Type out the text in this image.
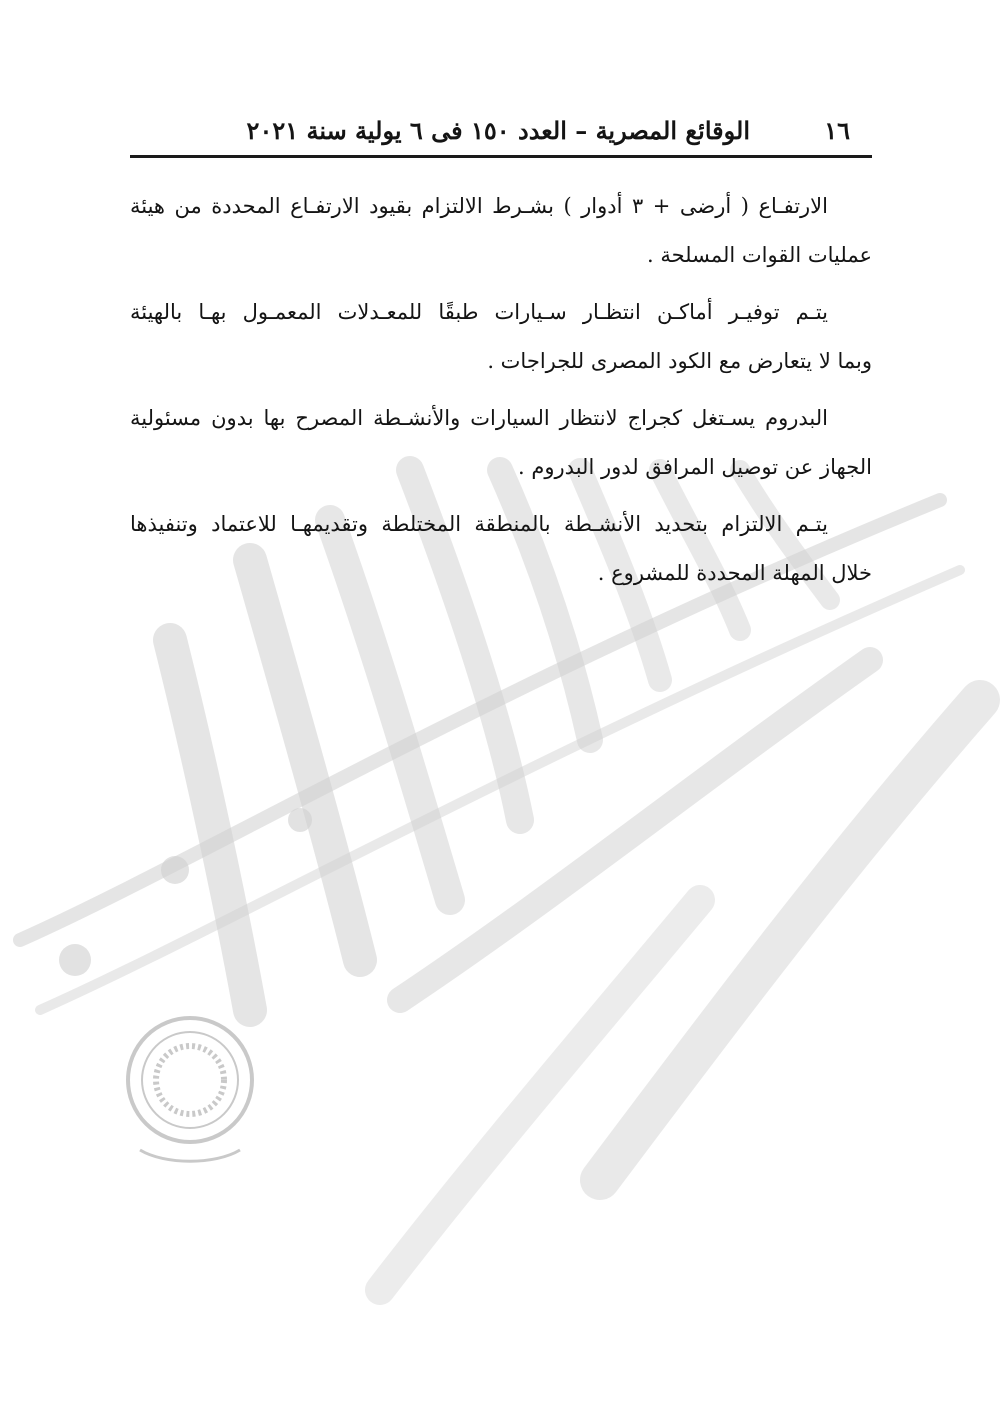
١٦
الوقائع المصرية – العدد ١٥٠ فى ٦ يولية سنة ٢٠٢١

الارتفـاع ( أرضى + ٣ أدوار ) بشـرط الالتزام بقيود الارتفـاع المحددة من هيئة
عمليات القوات المسلحة .

يتـم توفيـر أماكـن انتظـار سـيارات طبقًا للمعـدلات المعمـول بهـا بالهيئة
وبما لا يتعارض مع الكود المصرى للجراجات .

البدروم يسـتغل كجراج لانتظار السيارات والأنشـطة المصرح بها بدون مسئولية
الجهاز عن توصيل المرافق لدور البدروم .

يتـم الالتزام بتحديد الأنشـطة بالمنطقة المختلطة وتقديمهـا للاعتماد وتنفيذها
خلال المهلة المحددة للمشروع .
